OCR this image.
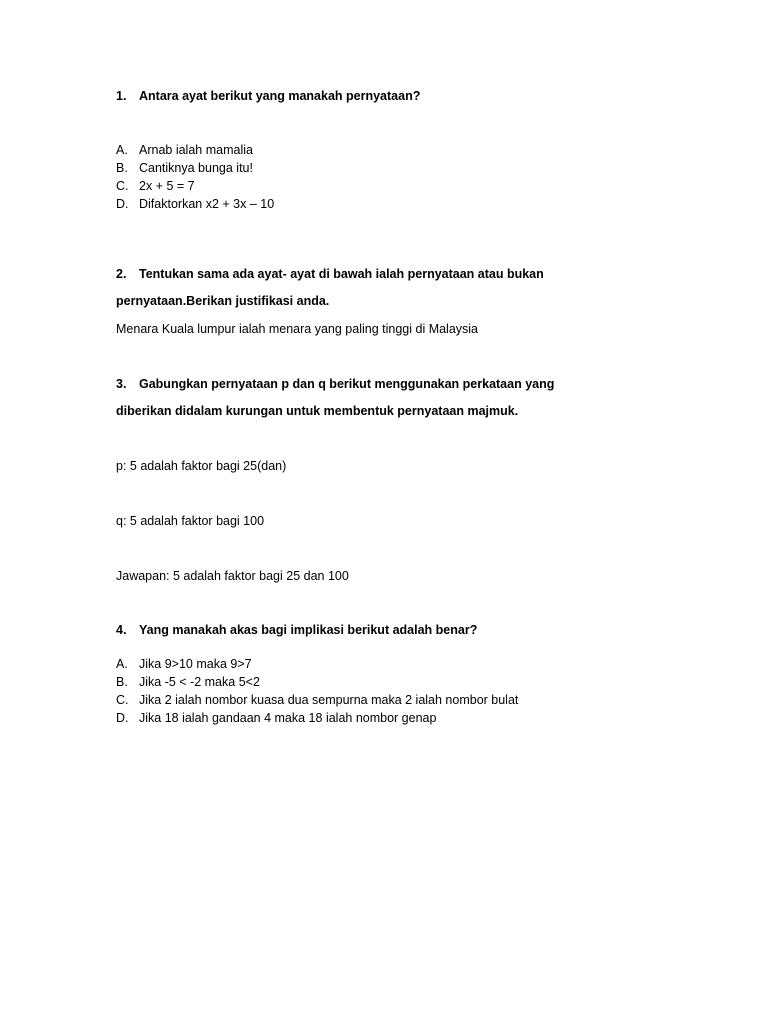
1. Antara ayat berikut yang manakah pernyataan?
A. Arnab ialah mamalia
B. Cantiknya bunga itu!
C. 2x + 5 = 7
D. Difaktorkan x2 + 3x – 10
2. Tentukan sama ada ayat- ayat di bawah ialah pernyataan atau bukan
pernyataan.Berikan justifikasi anda.
Menara Kuala lumpur ialah menara yang paling tinggi di Malaysia
3. Gabungkan pernyataan p dan q berikut menggunakan perkataan yang
diberikan didalam kurungan untuk membentuk pernyataan majmuk.
p: 5 adalah faktor bagi 25(dan)
q: 5 adalah faktor bagi 100
Jawapan: 5 adalah faktor bagi 25 dan 100
4. Yang manakah akas bagi implikasi berikut adalah benar?
A. Jika 9>10 maka 9>7
B. Jika -5 < -2 maka 5<2
C. Jika 2 ialah nombor kuasa dua sempurna maka 2 ialah nombor bulat
D. Jika 18 ialah gandaan 4 maka 18 ialah nombor genap
